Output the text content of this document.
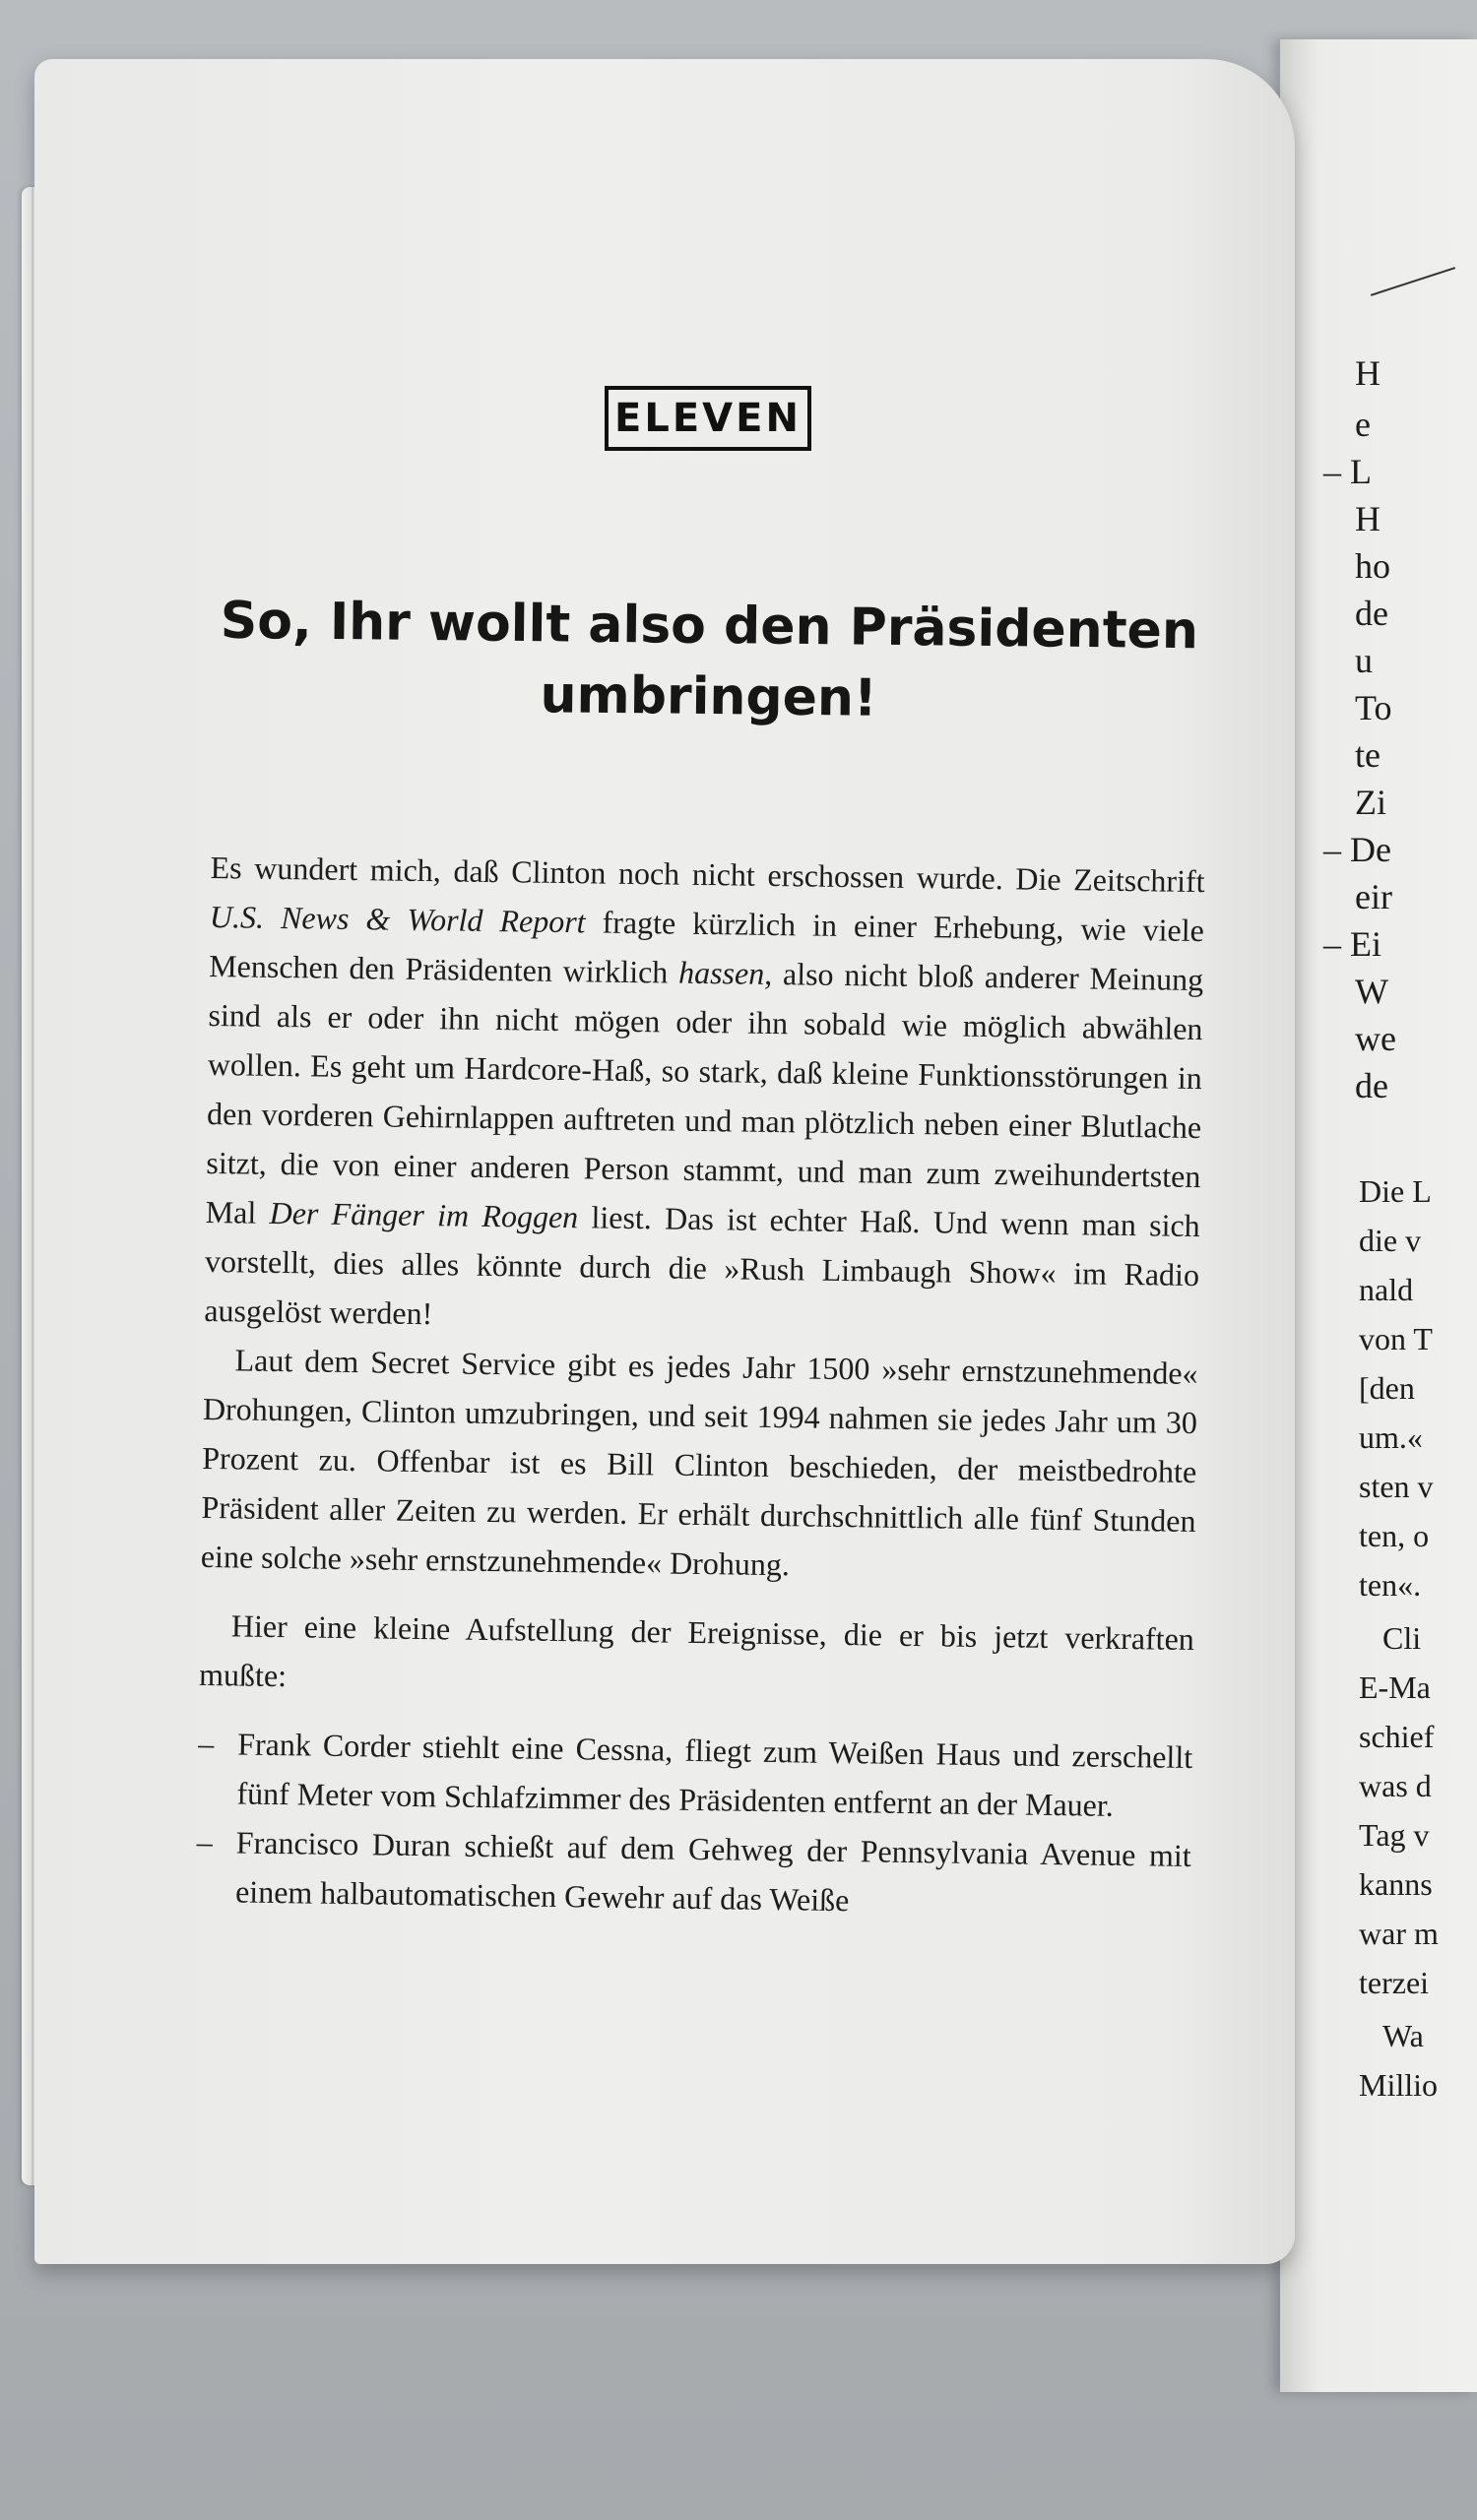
H
e
– L
H
ho
de
u
To
te
Zi
– De
eir
– Ei
W
we
de
Die L
die v
nald
von T
[den
um.«
sten v
ten, o
ten«.
Cli
E-Ma
schief
was d
Tag v
kanns
war m
terzei
Wa
Millio
ELEVEN
So, Ihr wollt also den Präsidenten umbringen!

Es wundert mich, daß Clinton noch nicht erschossen wurde. Die Zeitschrift U.S. News & World Report fragte kürzlich in einer Erhebung, wie viele Menschen den Präsidenten wirklich hassen, also nicht bloß anderer Meinung sind als er oder ihn nicht mögen oder ihn sobald wie möglich abwählen wollen. Es geht um Hardcore-Haß, so stark, daß kleine Funktionsstörungen in den vorderen Gehirnlappen auftreten und man plötzlich neben einer Blutlache sitzt, die von einer anderen Person stammt, und man zum zweihundertsten Mal Der Fänger im Roggen liest. Das ist echter Haß. Und wenn man sich vorstellt, dies alles könnte durch die »Rush Limbaugh Show« im Radio ausgelöst werden!

Laut dem Secret Service gibt es jedes Jahr 1500 »sehr ernstzunehmende« Drohungen, Clinton umzubringen, und seit 1994 nahmen sie jedes Jahr um 30 Prozent zu. Offenbar ist es Bill Clinton beschieden, der meistbedrohte Präsident aller Zeiten zu werden. Er erhält durchschnittlich alle fünf Stunden eine solche »sehr ernstzunehmende« Drohung.

Hier eine kleine Aufstellung der Ereignisse, die er bis jetzt verkraften mußte:

– Frank Corder stiehlt eine Cessna, fliegt zum Weißen Haus und zerschellt fünf Meter vom Schlafzimmer des Präsidenten entfernt an der Mauer.
– Francisco Duran schießt auf dem Gehweg der Pennsylvania Avenue mit einem halbautomatischen Gewehr auf das Weiße
